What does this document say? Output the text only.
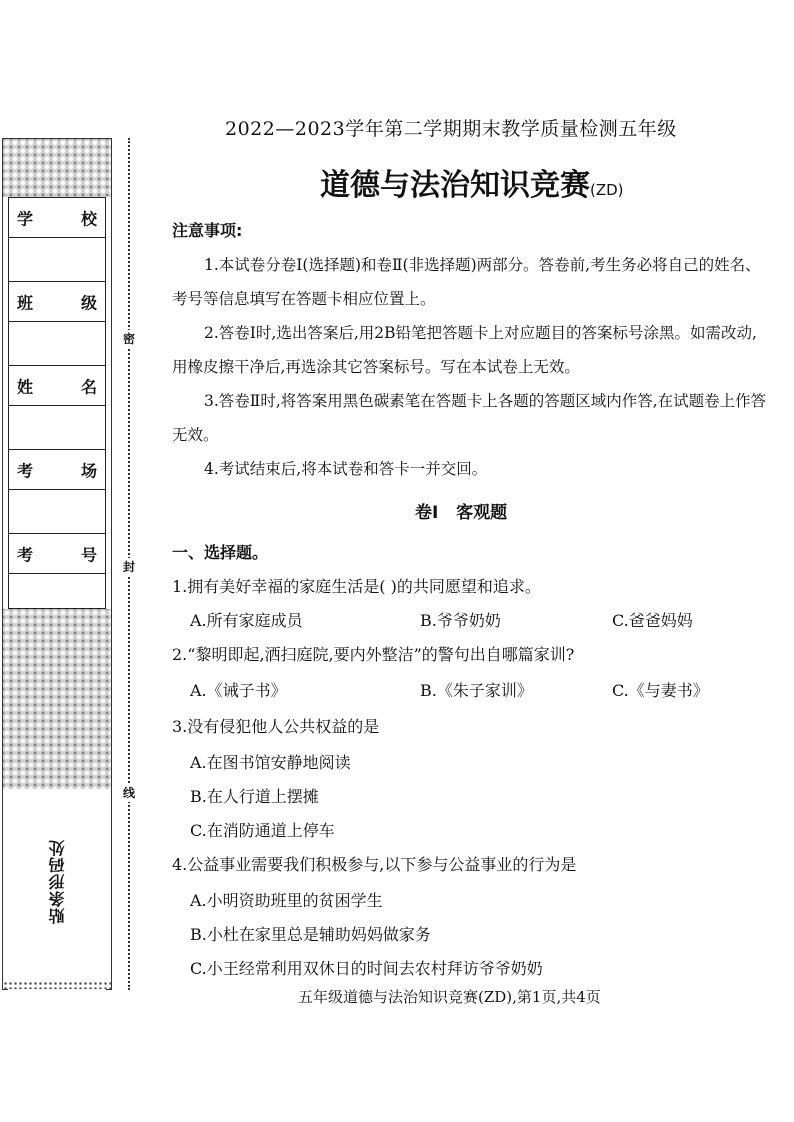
学	校
班	级
姓	名
考	场
考	号
贴条形码处
密
封
线
2022—2023学年第二学期期末教学质量检测五年级
道德与法治知识竞赛(ZD)
注意事项:

1.本试卷分卷Ⅰ(选择题)和卷Ⅱ(非选择题)两部分。答卷前,考生务必将自己的姓名、考号等信息填写在答题卡相应位置上。

2.答卷Ⅰ时,选出答案后,用2B铅笔把答题卡上对应题目的答案标号涂黑。如需改动,用橡皮擦干净后,再选涂其它答案标号。写在本试卷上无效。

3.答卷Ⅱ时,将答案用黑色碳素笔在答题卡上各题的答题区域内作答,在试题卷上作答无效。

4.考试结束后,将本试卷和答卡一并交回。

卷Ⅰ   客观题
一、选择题。
1.拥有美好幸福的家庭生活是( )的共同愿望和追求。
A.所有家庭成员	B.爷爷奶奶	C.爸爸妈妈
2.“黎明即起,洒扫庭院,要内外整洁”的警句出自哪篇家训?
A.《诫子书》	B.《朱子家训》	C.《与妻书》
3.没有侵犯他人公共权益的是
A.在图书馆安静地阅读
B.在人行道上摆摊
C.在消防通道上停车
4.公益事业需要我们积极参与,以下参与公益事业的行为是
A.小明资助班里的贫困学生
B.小杜在家里总是辅助妈妈做家务
C.小王经常利用双休日的时间去农村拜访爷爷奶奶
五年级道德与法治知识竞赛(ZD),第1页,共4页
